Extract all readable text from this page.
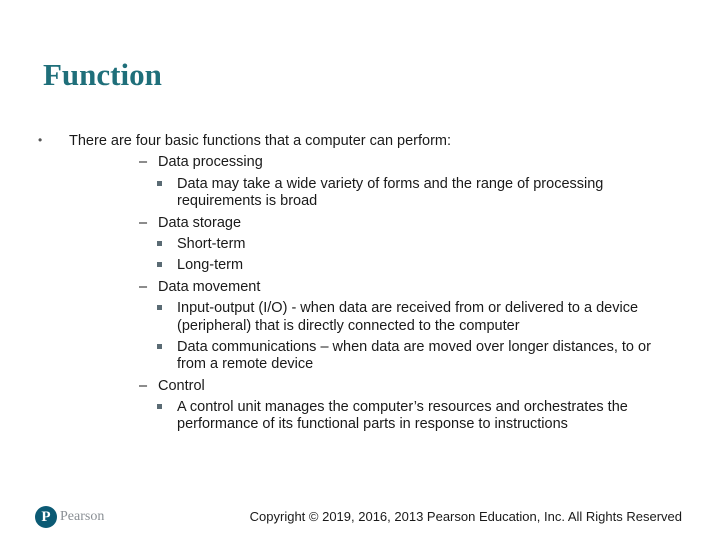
Function
• There are four basic functions that a computer can perform:
– Data processing
Data may take a wide variety of forms and the range of processing requirements is broad
– Data storage
Short-term
Long-term
– Data movement
Input-output (I/O) - when data are received from or delivered to a device (peripheral) that is directly connected to the computer
Data communications – when data are moved over longer distances, to or from a remote device
– Control
A control unit manages the computer’s resources and orchestrates the performance of its functional parts in response to instructions
P Pearson	Copyright © 2019, 2016, 2013 Pearson Education, Inc. All Rights Reserved
